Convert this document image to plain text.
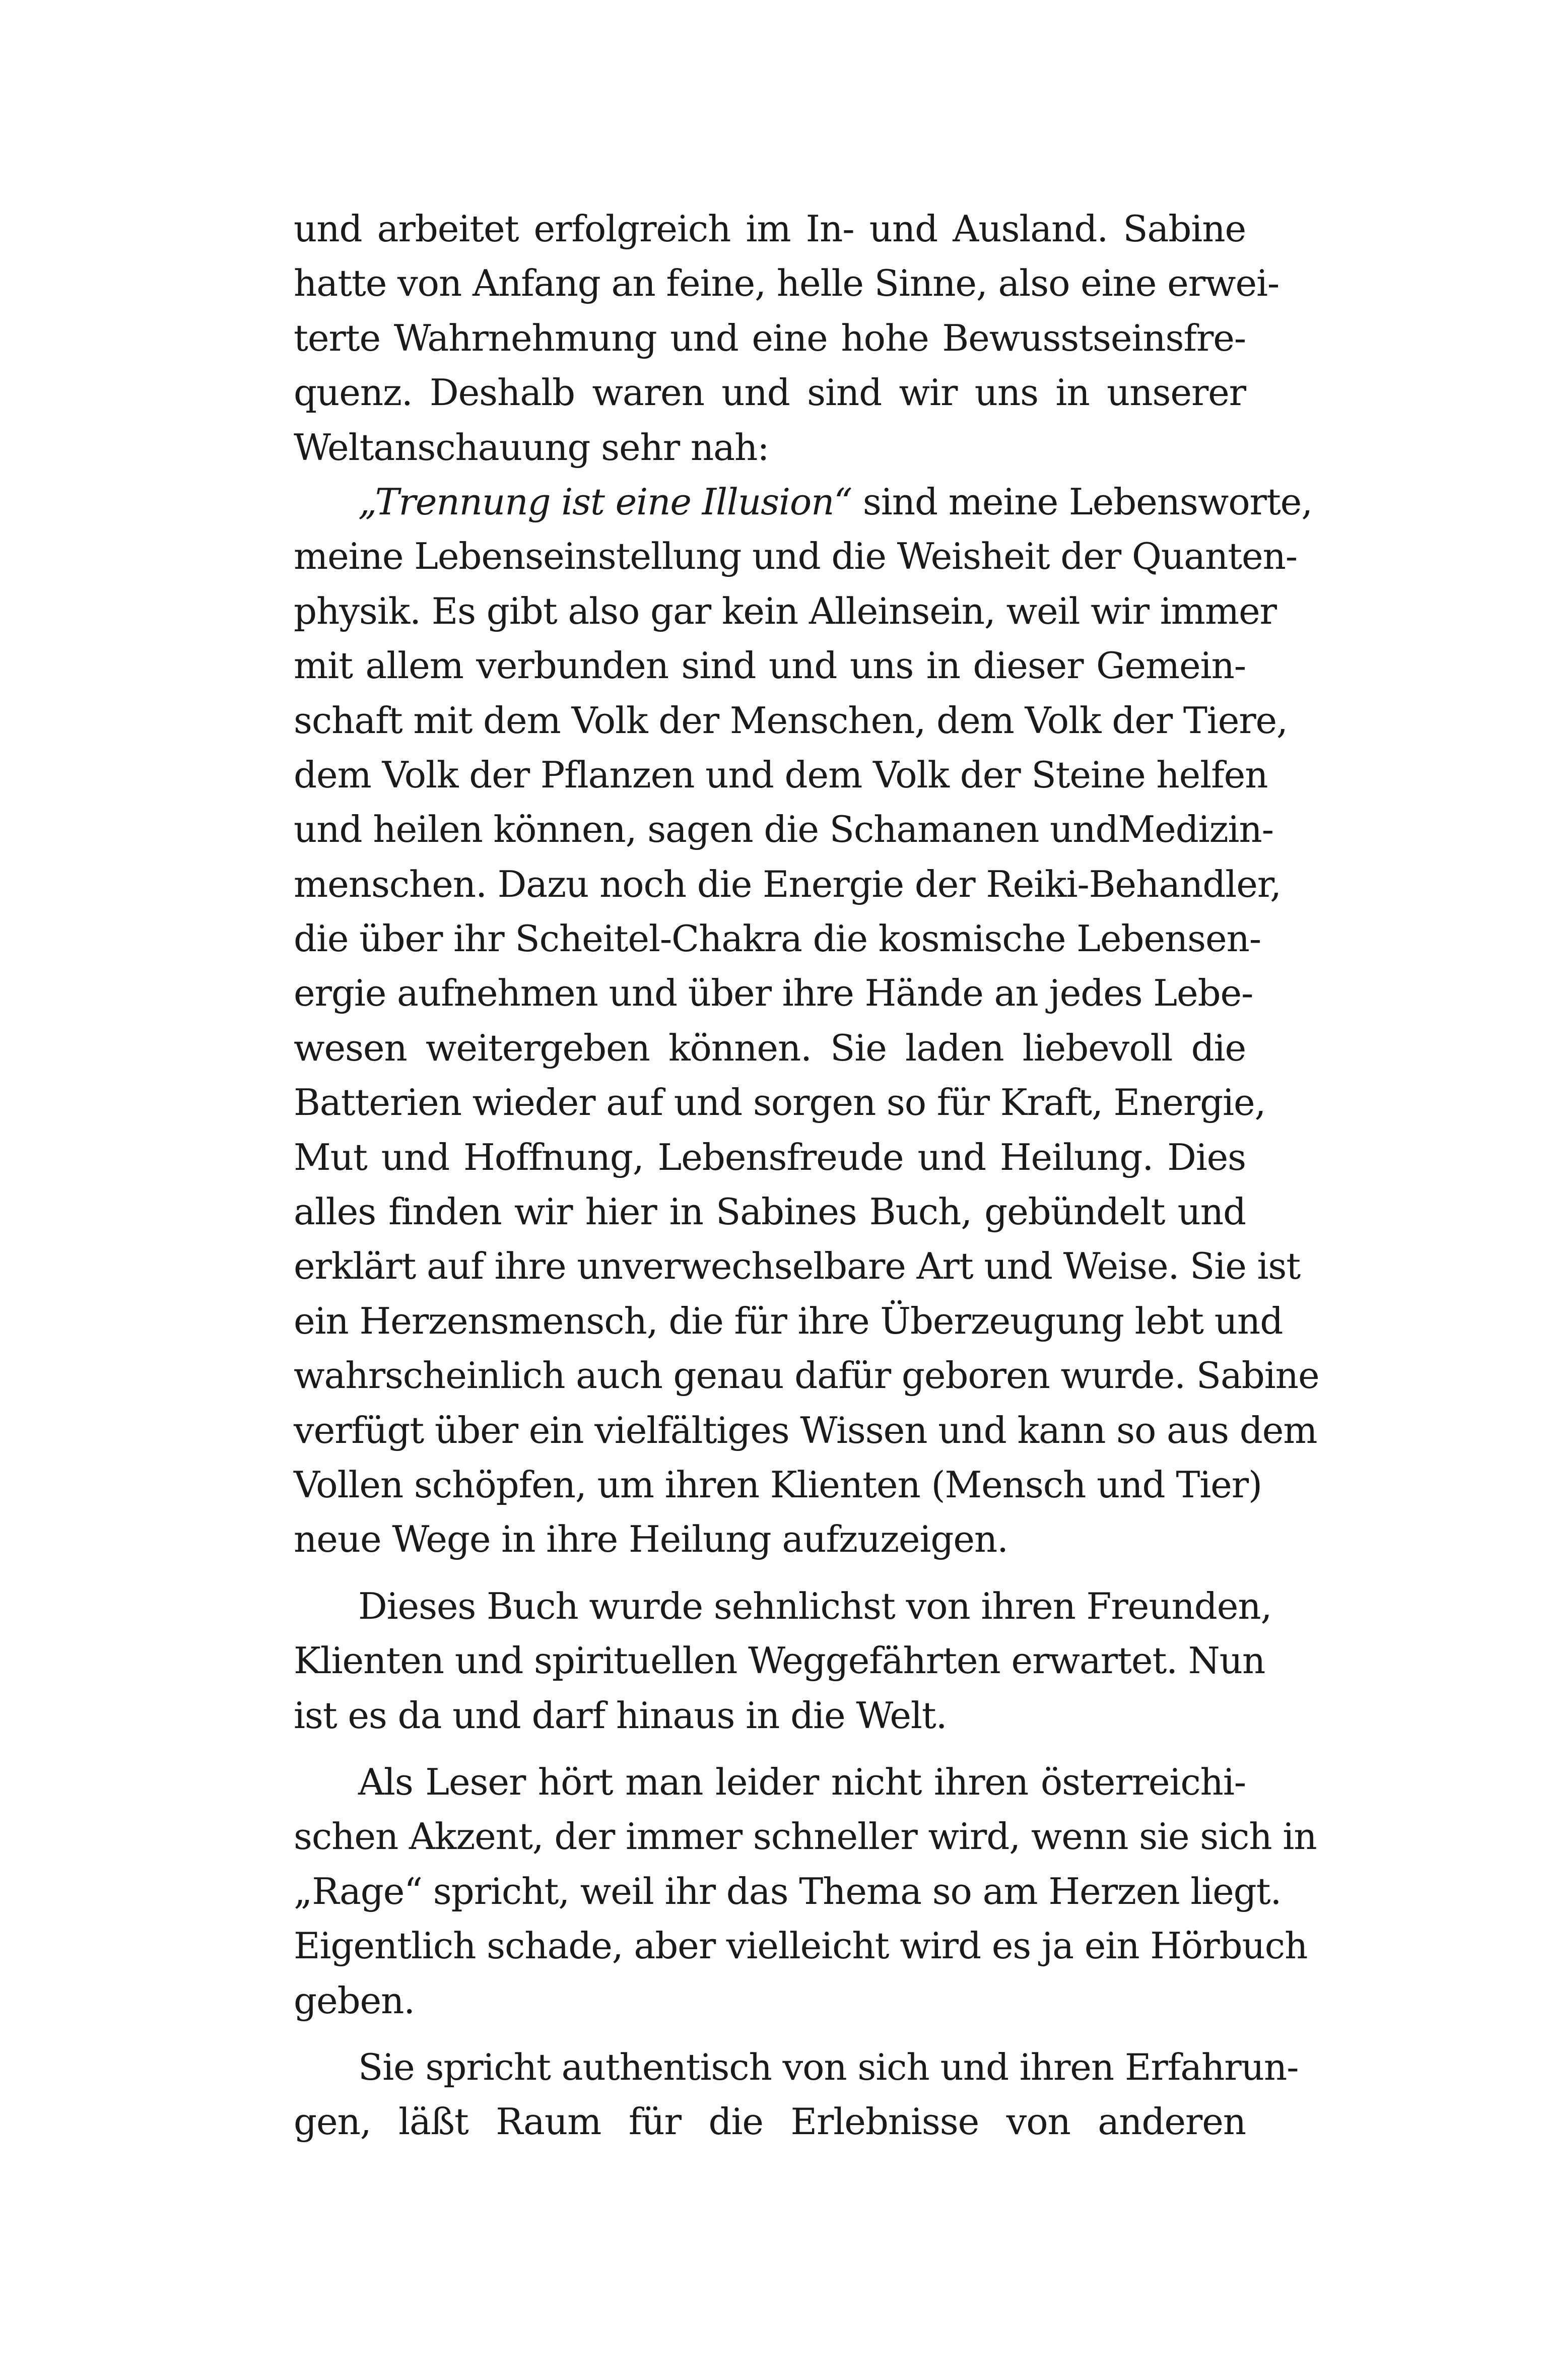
und arbeitet erfolgreich im In- und Ausland. Sabine
hatte von Anfang an feine, helle Sinne, also eine erwei-
terte Wahrnehmung und eine hohe Bewusstseinsfre-
quenz. Deshalb waren und sind wir uns in unserer
Weltanschauung sehr nah:
„Trennung ist eine Illusion“ sind meine Lebensworte,
meine Lebenseinstellung und die Weisheit der Quanten-
physik. Es gibt also gar kein Alleinsein, weil wir immer
mit allem verbunden sind und uns in dieser Gemein-
schaft mit dem Volk der Menschen, dem Volk der Tiere,
dem Volk der Pflanzen und dem Volk der Steine helfen
und heilen können, sagen die Schamanen undMedizin-
menschen. Dazu noch die Energie der Reiki-Behandler,
die über ihr Scheitel-Chakra die kosmische Lebensen-
ergie aufnehmen und über ihre Hände an jedes Lebe-
wesen weitergeben können. Sie laden liebevoll die
Batterien wieder auf und sorgen so für Kraft, Energie,
Mut und Hoffnung, Lebensfreude und Heilung. Dies
alles finden wir hier in Sabines Buch, gebündelt und
erklärt auf ihre unverwechselbare Art und Weise. Sie ist
ein Herzensmensch, die für ihre Überzeugung lebt und
wahrscheinlich auch genau dafür geboren wurde. Sabine
verfügt über ein vielfältiges Wissen und kann so aus dem
Vollen schöpfen, um ihren Klienten (Mensch und Tier)
neue Wege in ihre Heilung aufzuzeigen.
Dieses Buch wurde sehnlichst von ihren Freunden,
Klienten und spirituellen Weggefährten erwartet. Nun
ist es da und darf hinaus in die Welt.
Als Leser hört man leider nicht ihren österreichi-
schen Akzent, der immer schneller wird, wenn sie sich in
„Rage“ spricht, weil ihr das Thema so am Herzen liegt.
Eigentlich schade, aber vielleicht wird es ja ein Hörbuch
geben.
Sie spricht authentisch von sich und ihren Erfahrun-
gen, läßt Raum für die Erlebnisse von anderen
